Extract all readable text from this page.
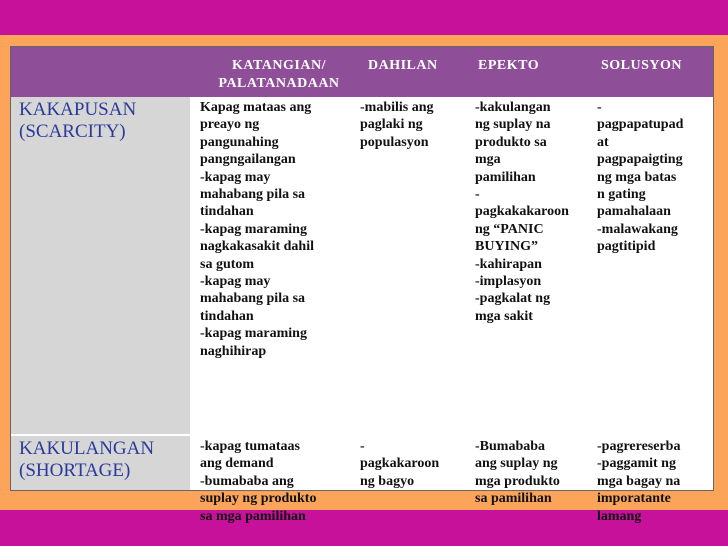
KATANGIAN/
PALATANADAAN
DAHILAN	EPEKTO	SOLUSYON
KAKAPUSAN
(SCARCITY)
Kapag mataas ang
preayo ng
pangunahing
pangngailangan
-kapag may
mahabang pila sa
tindahan
-kapag maraming
nagkakasakit dahil
sa gutom
-kapag may
mahabang pila sa
tindahan
-kapag maraming
naghihirap
-mabilis ang
paglaki ng
populasyon
-kakulangan
ng suplay na
produkto sa
mga
pamilihan
-
pagkakakaroon
ng “PANIC
BUYING”
-kahirapan
-implasyon
-pagkalat ng
mga sakit
-
pagpapatupad
at
pagpapaigting
ng mga batas
n gating
pamahalaan
-malawakang
pagtitipid
KAKULANGAN
(SHORTAGE)
-kapag tumataas
ang demand
-bumababa ang
suplay ng produkto
sa mga pamilihan
-
pagkakaroon
ng bagyo
-Bumababa
ang suplay ng
mga produkto
sa pamilihan
-pagrereserba
-paggamit ng
mga bagay na
imporatante
lamang
